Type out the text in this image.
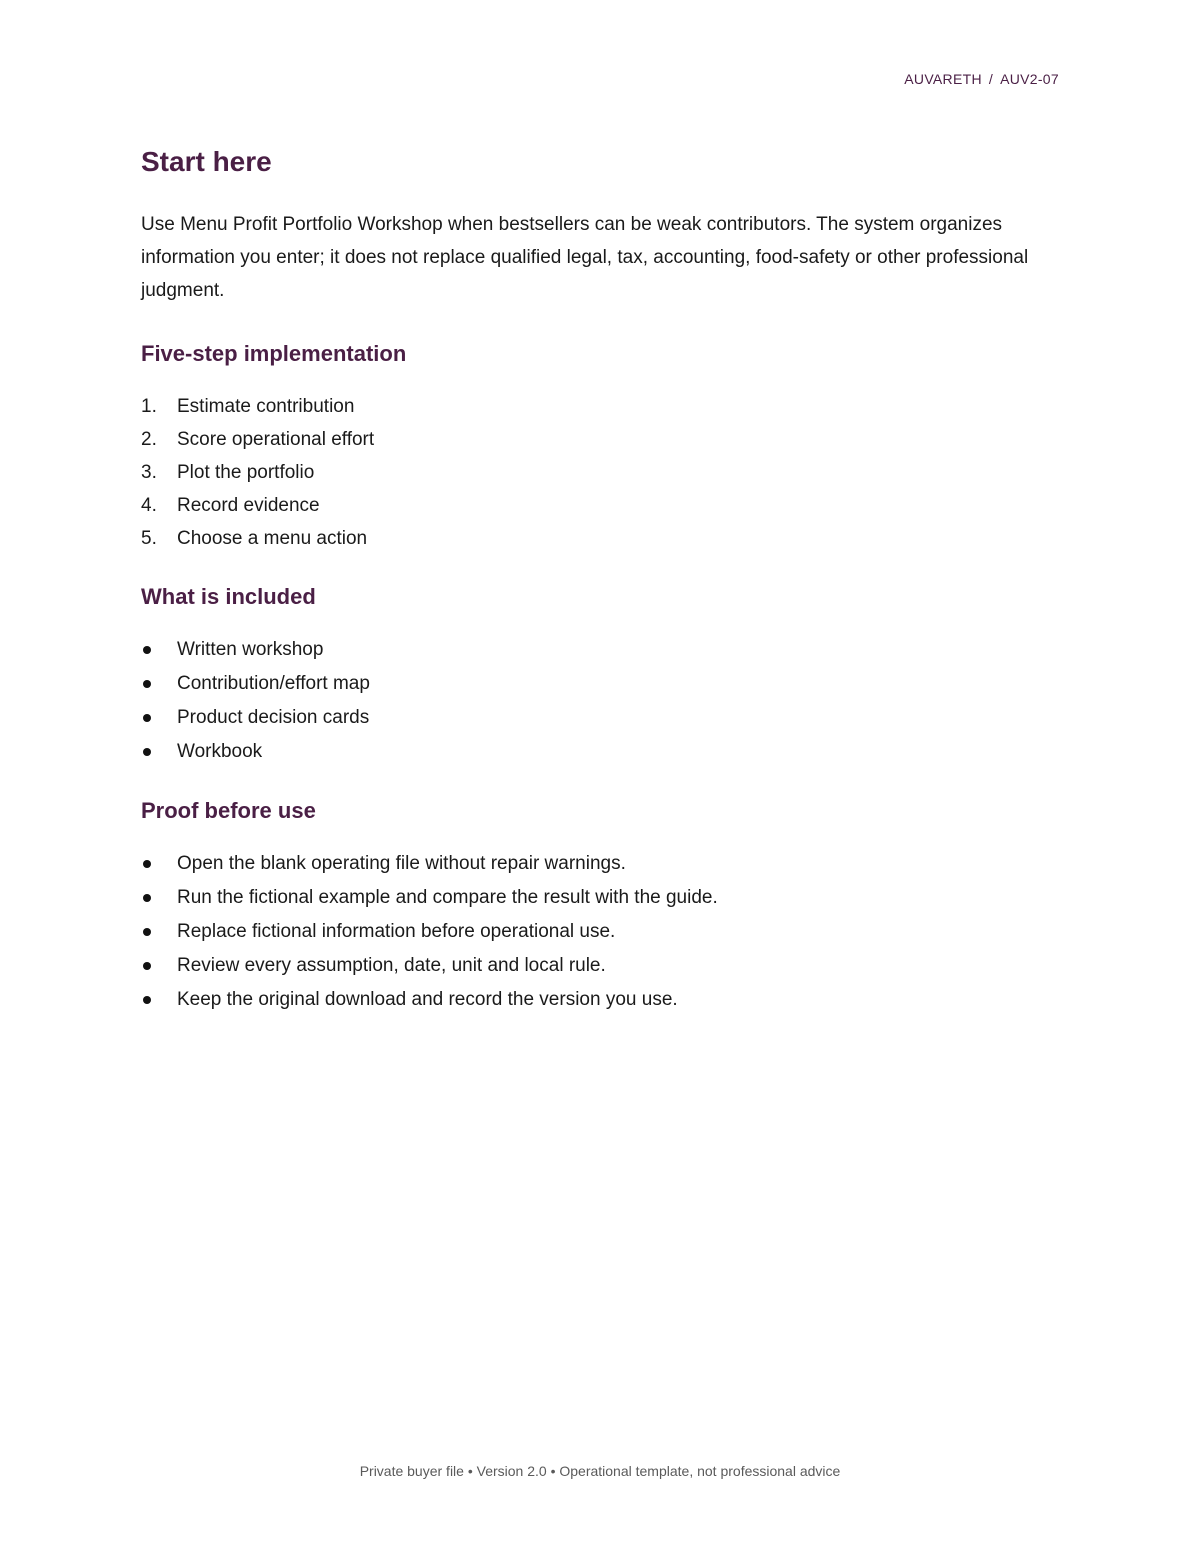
AUVARETH / AUV2-07
Start here

Use Menu Profit Portfolio Workshop when bestsellers can be weak contributors. The system organizes information you enter; it does not replace qualified legal, tax, accounting, food-safety or other professional judgment.

Five-step implementation
1. Estimate contribution
2. Score operational effort
3. Plot the portfolio
4. Record evidence
5. Choose a menu action
What is included
Written workshop
Contribution/effort map
Product decision cards
Workbook
Proof before use
Open the blank operating file without repair warnings.
Run the fictional example and compare the result with the guide.
Replace fictional information before operational use.
Review every assumption, date, unit and local rule.
Keep the original download and record the version you use.
Private buyer file • Version 2.0 • Operational template, not professional advice
